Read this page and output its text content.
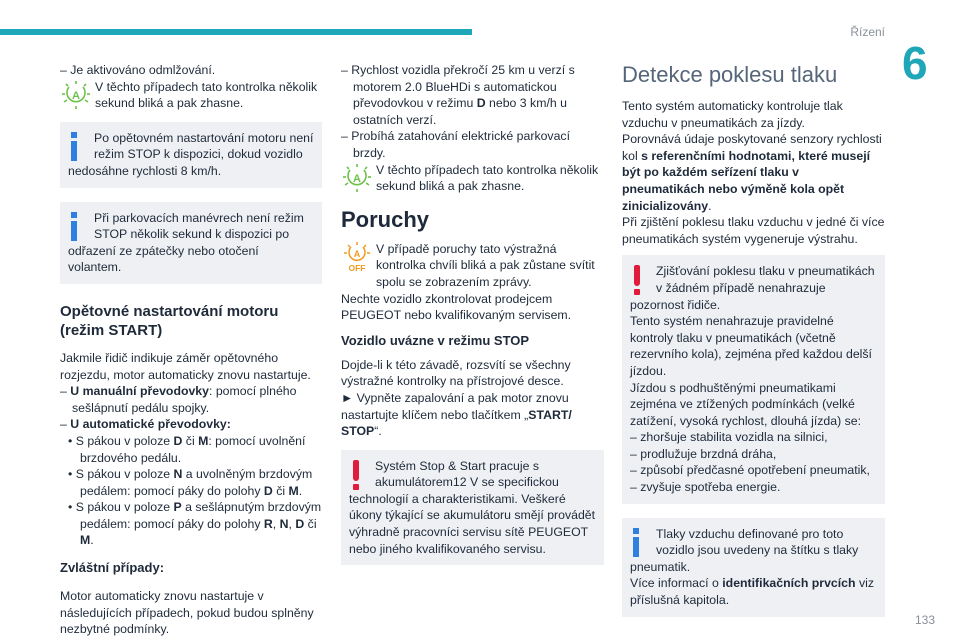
Řízení
6
133

– Je aktivováno odmlžování.

A
V těchto případech tato kontrolka několik sekund bliká a pak zhasne.

Po opětovném nastartování motoru není režim STOP k dispozici, dokud vozidlo nedosáhne rychlosti 8 km/h.

Při parkovacích manévrech není režim STOP několik sekund k dispozici po odřazení ze zpátečky nebo otočení volantem.

Opětovné nastartování motoru (režim START)

Jakmile řidič indikuje záměr opětovného rozjezdu, motor automaticky znovu nastartuje.

– U manuální převodovky: pomocí plného sešlápnutí pedálu spojky.

– U automatické převodovky:

• S pákou v poloze D či M: pomocí uvolnění brzdového pedálu.

• S pákou v poloze N a uvolněným brzdovým pedálem: pomocí páky do polohy D či M.

• S pákou v poloze P a sešlápnutým brzdovým pedálem: pomocí páky do polohy R, N, D či M.

Zvláštní případy:

Motor automaticky znovu nastartuje v následujících případech, pokud budou splněny nezbytné podmínky.

– Rychlost vozidla překročí 25 km u verzí s motorem 2.0 BlueHDi s automatickou převodovkou v režimu D nebo 3 km/h u ostatních verzí.

– Probíhá zatahování elektrické parkovací brzdy.

A
V těchto případech tato kontrolka několik sekund bliká a pak zhasne.
Poruchy
A
OFF
V případě poruchy tato výstražná kontrolka chvíli bliká a pak zůstane svítit spolu se zobrazením zprávy.

Nechte vozidlo zkontrolovat prodejcem PEUGEOT nebo kvalifikovaným servisem.

Vozidlo uvázne v režimu STOP

Dojde-li k této závadě, rozsvítí se všechny výstražné kontrolky na přístrojové desce.

► Vypněte zapalování a pak motor znovu nastartujte klíčem nebo tlačítkem „START/ STOP“.

Systém Stop & Start pracuje s akumulátorem12 V se specifickou technologií a charakteristikami. Veškeré úkony týkající se akumulátoru smějí provádět výhradně pracovníci servisu sítě PEUGEOT nebo jiného kvalifikovaného servisu.

Detekce poklesu tlaku

Tento systém automaticky kontroluje tlak vzduchu v pneumatikách za jízdy.

Porovnává údaje poskytované senzory rychlosti kol s referenčními hodnotami, které musejí být po každém seřízení tlaku v pneumatikách nebo výměně kola opět zinicializovány.

Při zjištění poklesu tlaku vzduchu v jedné či více pneumatikách systém vygeneruje výstrahu.

Zjišťování poklesu tlaku v pneumatikách v žádném případě nenahrazuje pozornost řidiče.

Tento systém nenahrazuje pravidelné kontroly tlaku v pneumatikách (včetně rezervního kola), zejména před každou delší jízdou.

Jízdou s podhuštěnými pneumatikami zejména ve ztížených podmínkách (velké zatížení, vysoká rychlost, dlouhá jízda) se:

– zhoršuje stabilita vozidla na silnici,

– prodlužuje brzdná dráha,

– způsobí předčasné opotřebení pneumatik,

– zvyšuje spotřeba energie.

Tlaky vzduchu definované pro toto vozidlo jsou uvedeny na štítku s tlaky pneumatik.

Více informací o identifikačních prvcích viz příslušná kapitola.
